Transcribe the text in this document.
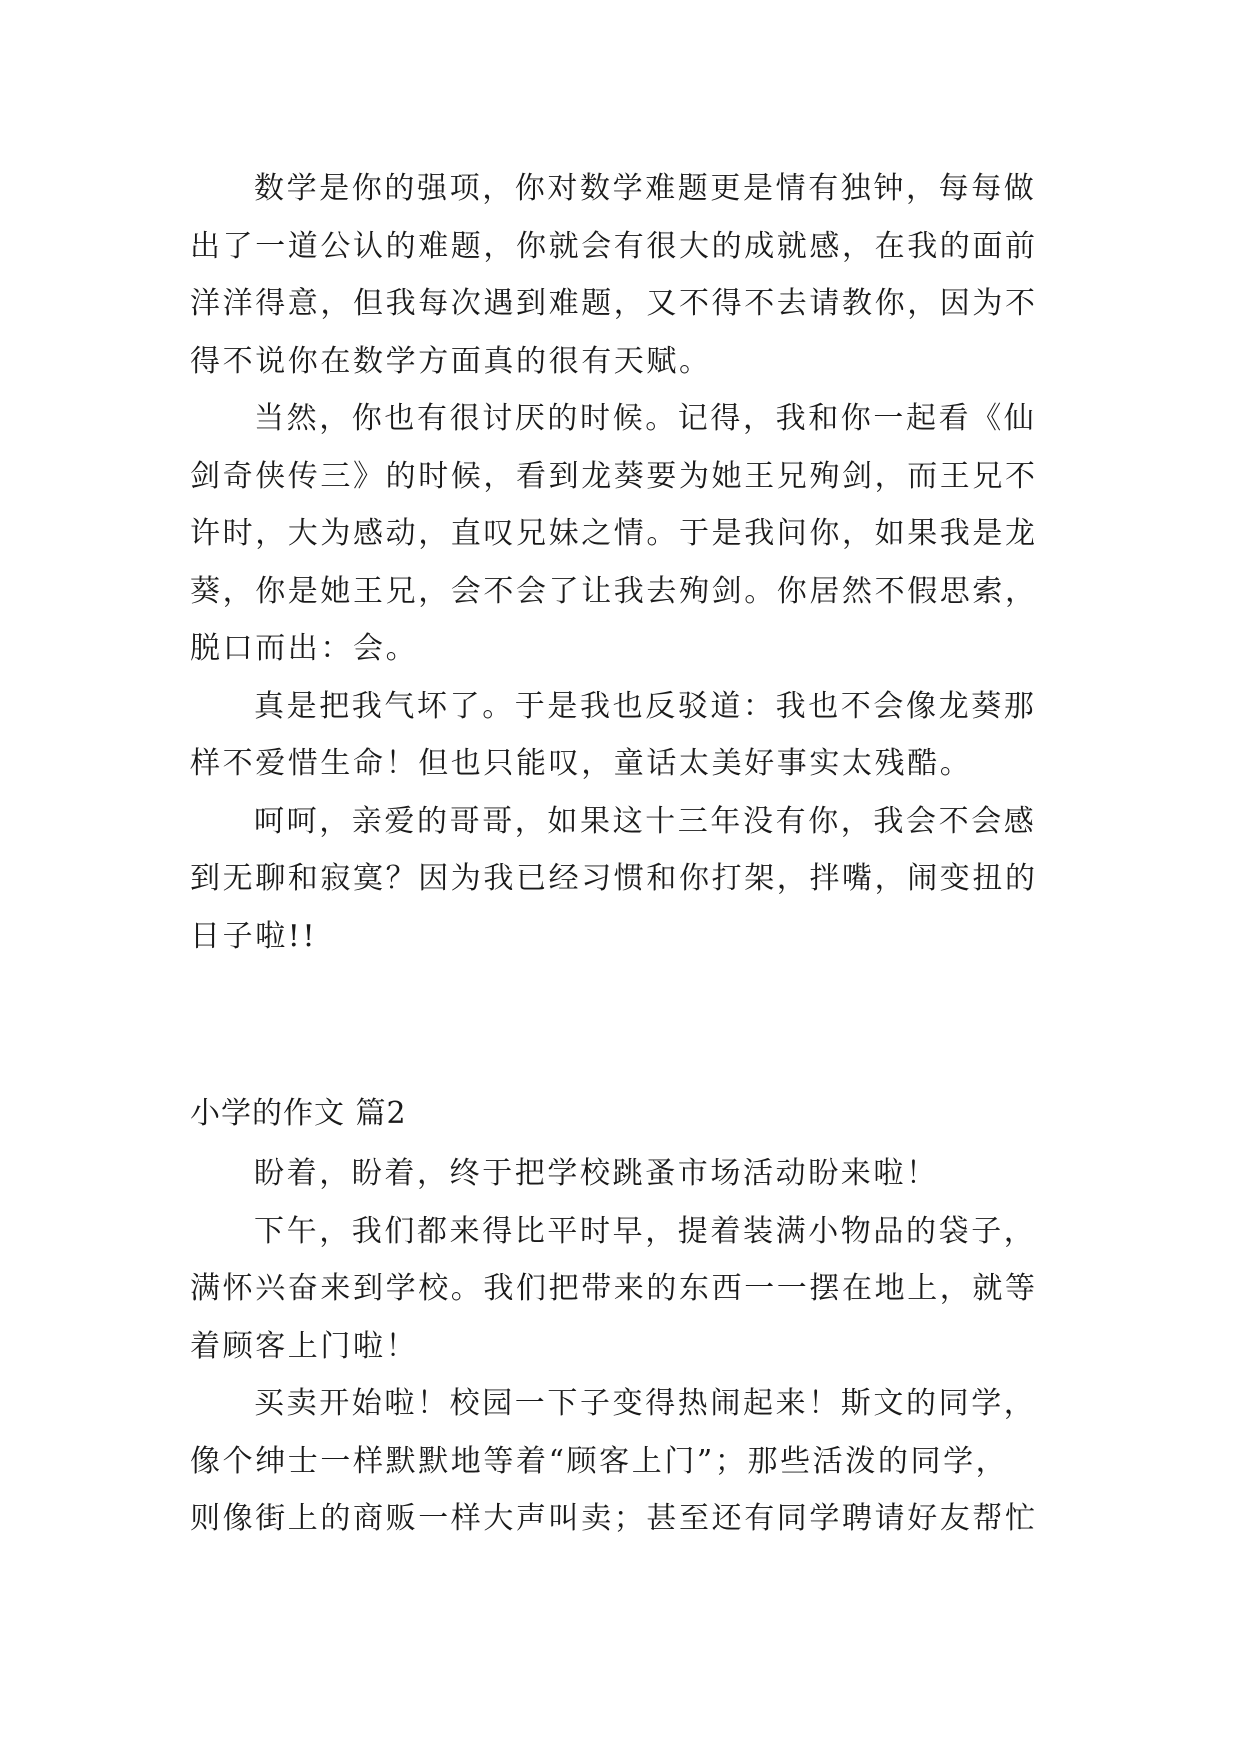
数学是你的强项，你对数学难题更是情有独钟，每每做
出了一道公认的难题，你就会有很大的成就感，在我的面前
洋洋得意，但我每次遇到难题，又不得不去请教你，因为不
得不说你在数学方面真的很有天赋。

当然，你也有很讨厌的时候。记得，我和你一起看《仙
剑奇侠传三》的时候，看到龙葵要为她王兄殉剑，而王兄不
许时，大为感动，直叹兄妹之情。于是我问你，如果我是龙
葵，你是她王兄，会不会了让我去殉剑。你居然不假思索，
脱口而出：会。

真是把我气坏了。于是我也反驳道：我也不会像龙葵那
样不爱惜生命！但也只能叹，童话太美好事实太残酷。

呵呵，亲爱的哥哥，如果这十三年没有你，我会不会感
到无聊和寂寞？因为我已经习惯和你打架，拌嘴，闹变扭的
日子啦!!

小学的作文 篇2

盼着，盼着，终于把学校跳蚤市场活动盼来啦！

下午，我们都来得比平时早，提着装满小物品的袋子，
满怀兴奋来到学校。我们把带来的东西一一摆在地上，就等
着顾客上门啦！

买卖开始啦！校园一下子变得热闹起来！斯文的同学，
像个绅士一样默默地等着“顾客上门”；那些活泼的同学，
则像街上的商贩一样大声叫卖；甚至还有同学聘请好友帮忙
